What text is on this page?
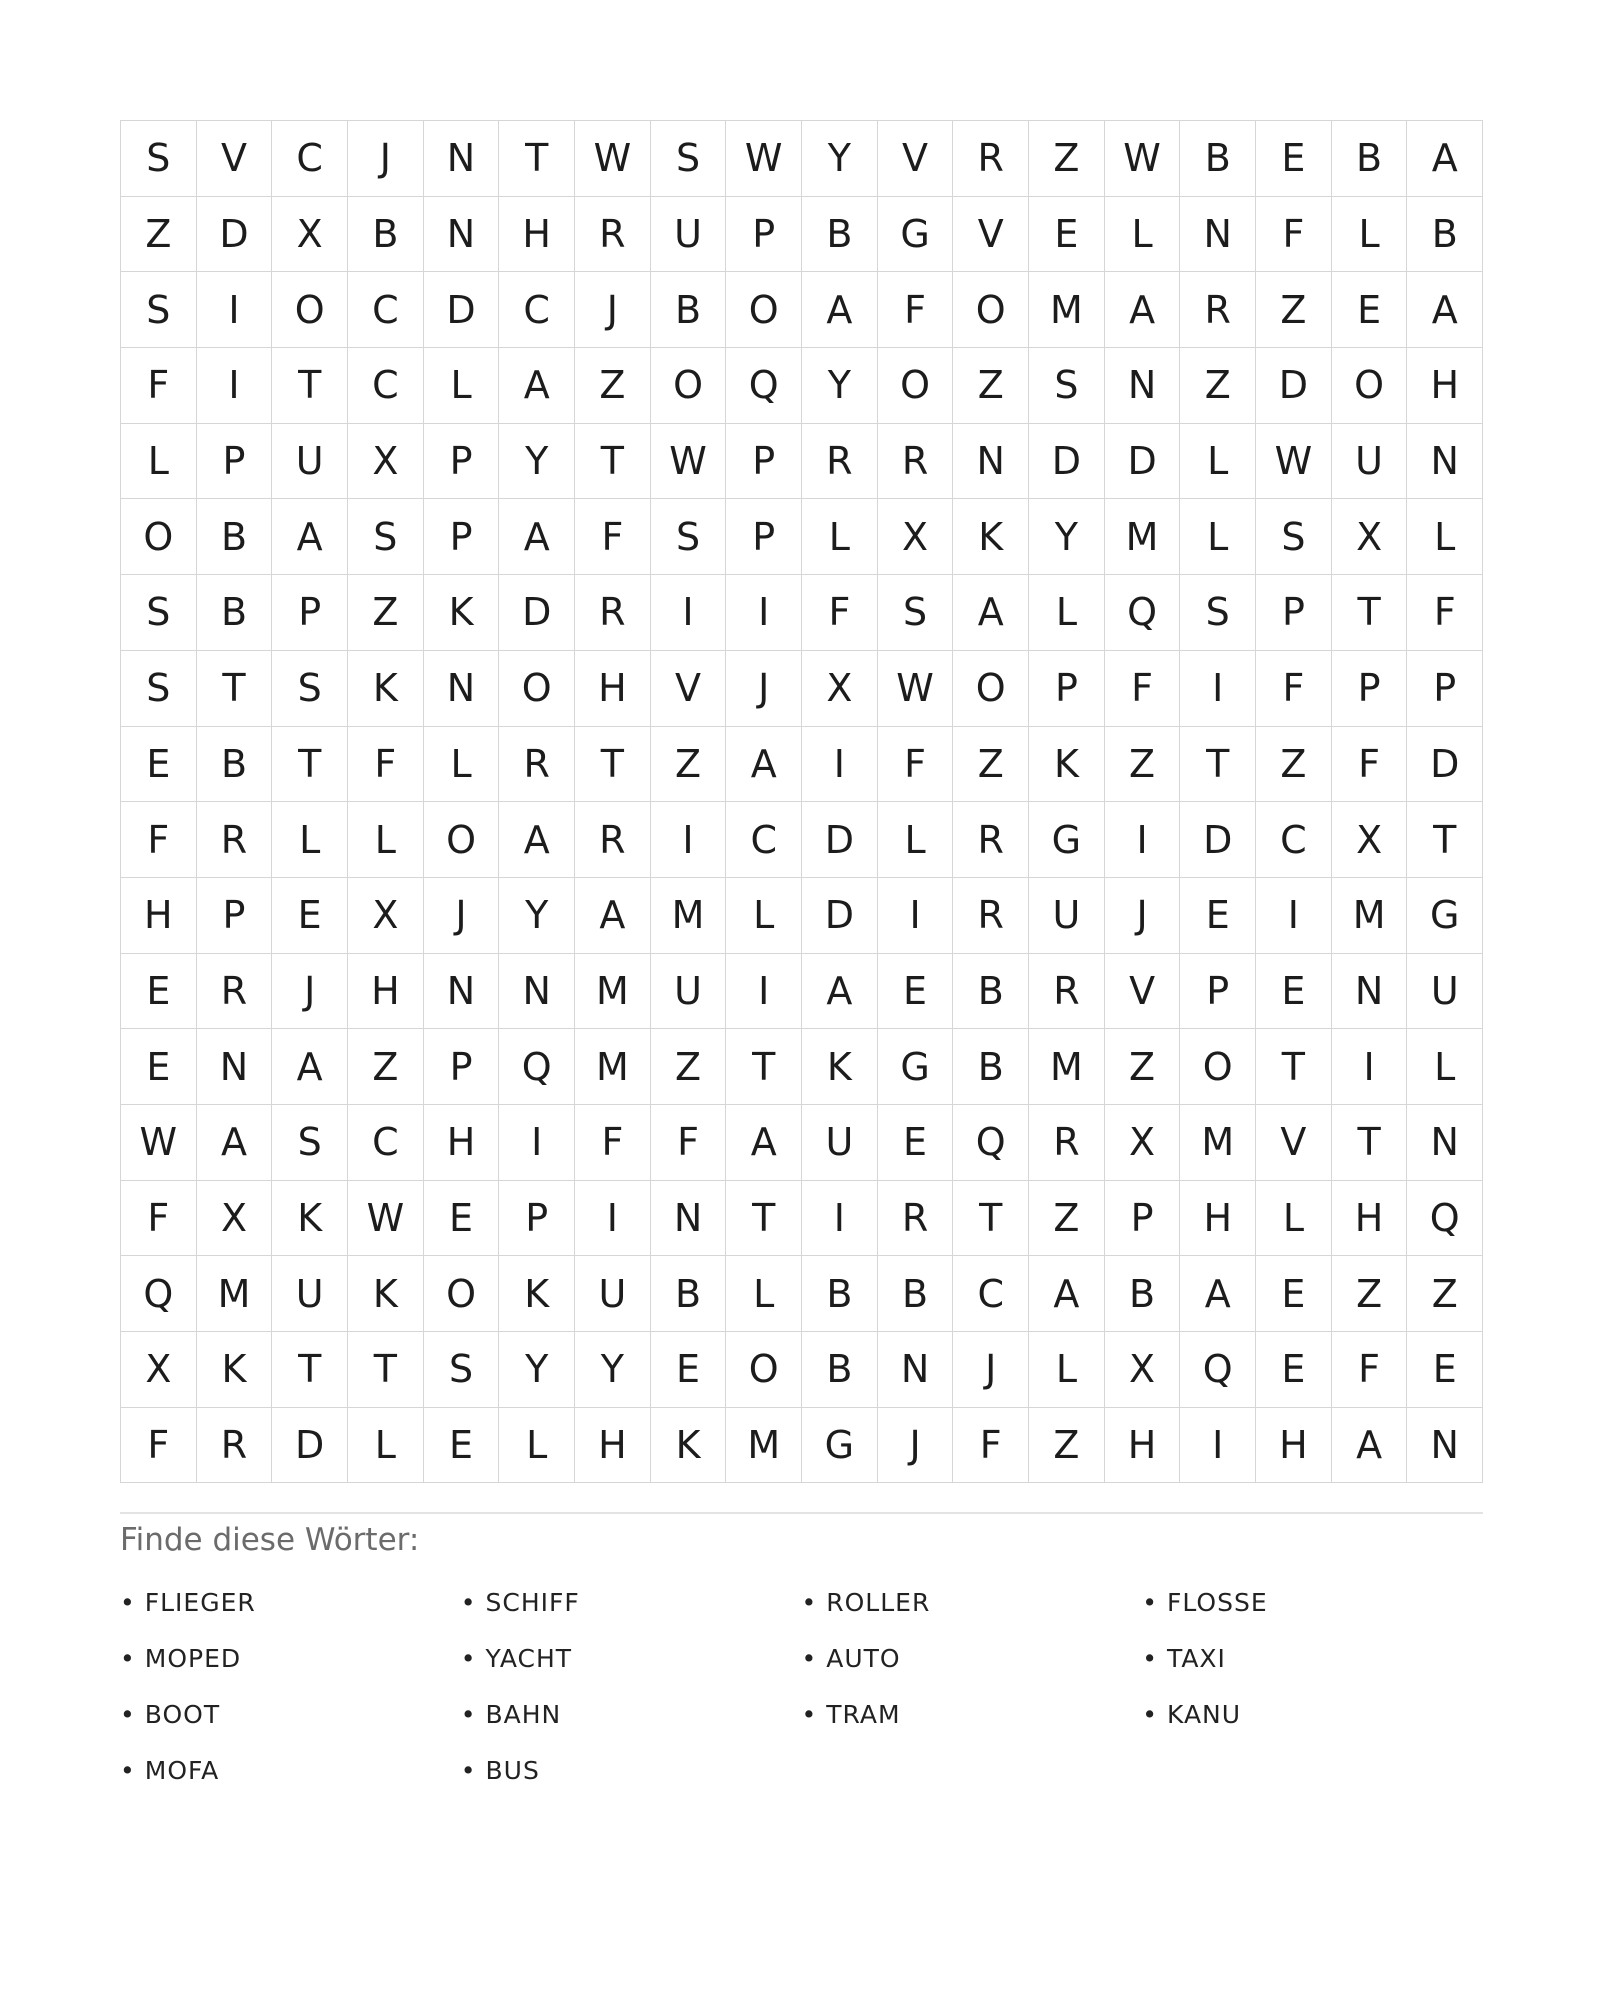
S	V	C	J	N	T	W	S	W	Y	V	R	Z	W	B	E	B	A
Z	D	X	B	N	H	R	U	P	B	G	V	E	L	N	F	L	B
S	I	O	C	D	C	J	B	O	A	F	O	M	A	R	Z	E	A
F	I	T	C	L	A	Z	O	Q	Y	O	Z	S	N	Z	D	O	H
L	P	U	X	P	Y	T	W	P	R	R	N	D	D	L	W	U	N
O	B	A	S	P	A	F	S	P	L	X	K	Y	M	L	S	X	L
S	B	P	Z	K	D	R	I	I	F	S	A	L	Q	S	P	T	F
S	T	S	K	N	O	H	V	J	X	W	O	P	F	I	F	P	P
E	B	T	F	L	R	T	Z	A	I	F	Z	K	Z	T	Z	F	D
F	R	L	L	O	A	R	I	C	D	L	R	G	I	D	C	X	T
H	P	E	X	J	Y	A	M	L	D	I	R	U	J	E	I	M	G
E	R	J	H	N	N	M	U	I	A	E	B	R	V	P	E	N	U
E	N	A	Z	P	Q	M	Z	T	K	G	B	M	Z	O	T	I	L
W	A	S	C	H	I	F	F	A	U	E	Q	R	X	M	V	T	N
F	X	K	W	E	P	I	N	T	I	R	T	Z	P	H	L	H	Q
Q	M	U	K	O	K	U	B	L	B	B	C	A	B	A	E	Z	Z
X	K	T	T	S	Y	Y	E	O	B	N	J	L	X	Q	E	F	E
F	R	D	L	E	L	H	K	M	G	J	F	Z	H	I	H	A	N
Finde diese Wörter:
• FLIEGER	• SCHIFF	• ROLLER	• FLOSSE
• MOPED	• YACHT	• AUTO	• TAXI
• BOOT	• BAHN	• TRAM	• KANU
• MOFA	• BUS
